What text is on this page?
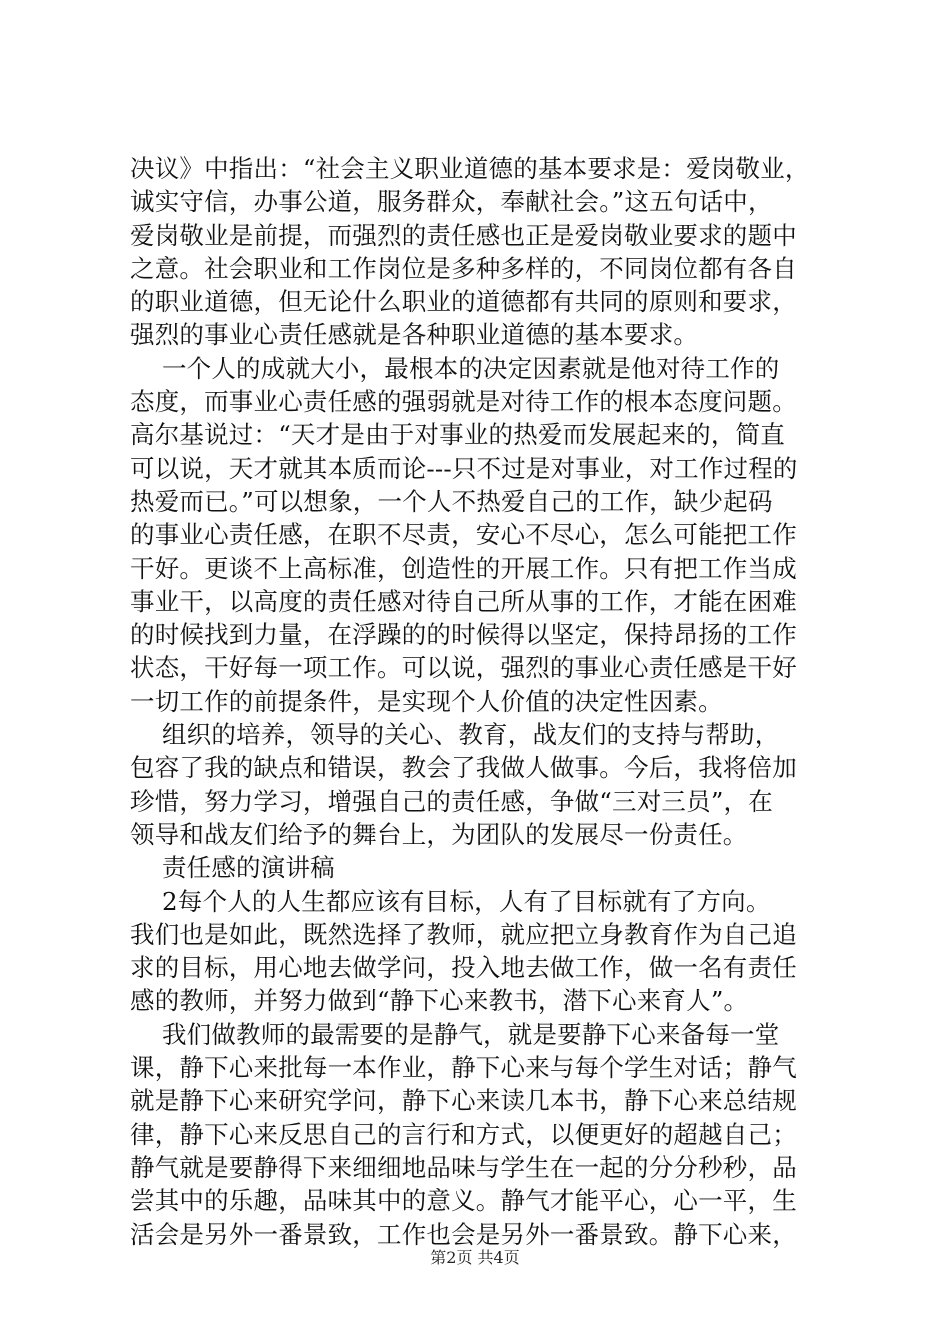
决议》中指出：“社会主义职业道德的基本要求是：爱岗敬业，
诚实守信，办事公道，服务群众，奉献社会。”这五句话中，
爱岗敬业是前提，而强烈的责任感也正是爱岗敬业要求的题中
之意。社会职业和工作岗位是多种多样的，不同岗位都有各自
的职业道德，但无论什么职业的道德都有共同的原则和要求，
强烈的事业心责任感就是各种职业道德的基本要求。
一个人的成就大小，最根本的决定因素就是他对待工作的
态度，而事业心责任感的强弱就是对待工作的根本态度问题。
高尔基说过：“天才是由于对事业的热爱而发展起来的，简直
可以说，天才就其本质而论---只不过是对事业，对工作过程的
热爱而已。”可以想象，一个人不热爱自己的工作，缺少起码
的事业心责任感，在职不尽责，安心不尽心，怎么可能把工作
干好。更谈不上高标准，创造性的开展工作。只有把工作当成
事业干，以高度的责任感对待自己所从事的工作，才能在困难
的时候找到力量，在浮躁的的时候得以坚定，保持昂扬的工作
状态，干好每一项工作。可以说，强烈的事业心责任感是干好
一切工作的前提条件，是实现个人价值的决定性因素。
组织的培养，领导的关心、教育，战友们的支持与帮助，
包容了我的缺点和错误，教会了我做人做事。今后，我将倍加
珍惜，努力学习，增强自己的责任感，争做“三对三员”，在
领导和战友们给予的舞台上，为团队的发展尽一份责任。
责任感的演讲稿
2每个人的人生都应该有目标，人有了目标就有了方向。
我们也是如此，既然选择了教师，就应把立身教育作为自己追
求的目标，用心地去做学问，投入地去做工作，做一名有责任
感的教师，并努力做到“静下心来教书，潜下心来育人”。
我们做教师的最需要的是静气，就是要静下心来备每一堂
课，静下心来批每一本作业，静下心来与每个学生对话；静气
就是静下心来研究学问，静下心来读几本书，静下心来总结规
律，静下心来反思自己的言行和方式，以便更好的超越自己；
静气就是要静得下来细细地品味与学生在一起的分分秒秒，品
尝其中的乐趣，品味其中的意义。静气才能平心，心一平，生
活会是另外一番景致，工作也会是另外一番景致。静下心来，
第2页 共4页
